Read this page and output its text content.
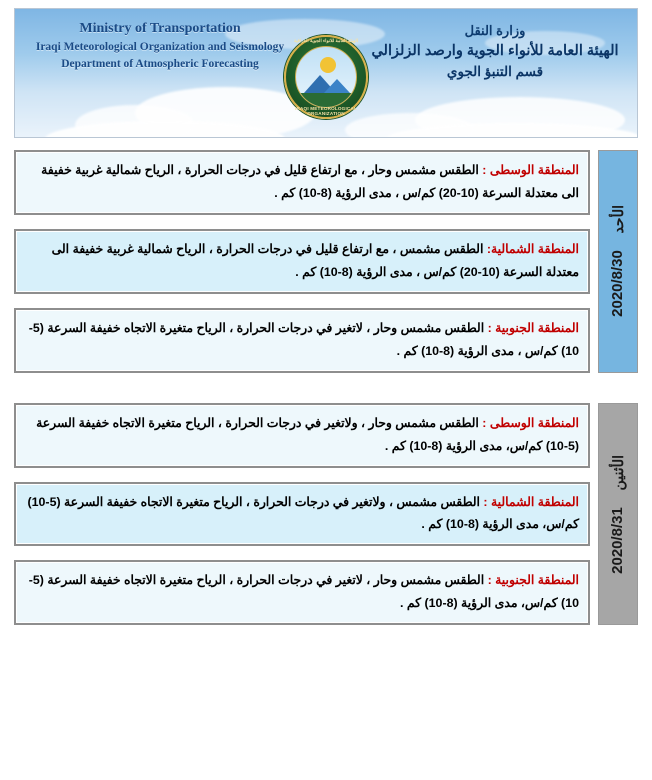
Ministry of Transportation
Iraqi Meteorological Organization and Seismology
Department of Atmospheric Forecasting
الهيئة العامة للانواء الجوية العراقية
IRAQI METEOROLOGICAL ORGANIZATION
وزارة النقل
الهيئة العامة للأنواء الجوية وارصد الزلزالي
قسم التنبؤ الجوي
المنطقة الوسطى : الطقس مشمس وحار ، مع ارتفاع قليل في درجات الحرارة ، الرياح شمالية غربية خفيفة الى معتدلة السرعة (10-20) كم/س ، مدى الرؤية (8-10) كم .
المنطقة الشمالية: الطقس مشمس ، مع ارتفاع قليل في درجات الحرارة ، الرياح شمالية غربية خفيفة الى معتدلة السرعة (10-20) كم/س ، مدى الرؤية (8-10) كم .
المنطقة الجنوبية : الطقس مشمس وحار ، لاتغير في درجات الحرارة ، الرياح متغيرة الاتجاه خفيفة السرعة (5-10) كم/س ، مدى الرؤية (8-10) كم .
الأحد    2020/8/30
المنطقة الوسطى : الطقس مشمس وحار ، ولاتغير في درجات الحرارة ، الرياح متغيرة الاتجاه خفيفة السرعة (5-10) كم/س، مدى الرؤية (8-10) كم .
المنطقة الشمالية : الطقس مشمس ، ولاتغير في درجات الحرارة ، الرياح متغيرة الاتجاه خفيفة السرعة (5-10) كم/س، مدى الرؤية (8-10) كم .
المنطقة الجنوبية : الطقس مشمس وحار ، لاتغير في درجات الحرارة ، الرياح متغيرة الاتجاه خفيفة السرعة (5-10) كم/س، مدى الرؤية (8-10) كم .
الأثنين    2020/8/31
